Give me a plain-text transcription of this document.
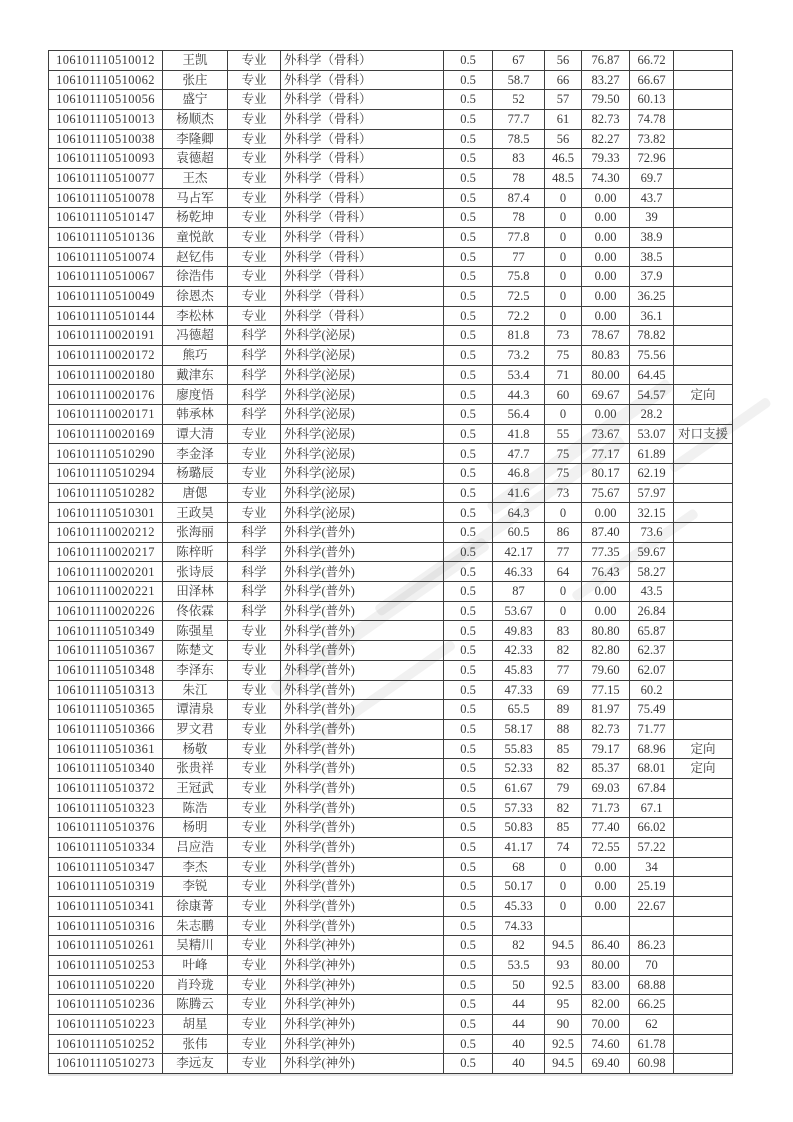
106101110510012	王凯	专业	外科学（骨科）	0.5	67	56	76.87	66.72	
106101110510062	张庄	专业	外科学（骨科）	0.5	58.7	66	83.27	66.67	
106101110510056	盛宁	专业	外科学（骨科）	0.5	52	57	79.50	60.13	
106101110510013	杨顺杰	专业	外科学（骨科）	0.5	77.7	61	82.73	74.78	
106101110510038	李隆卿	专业	外科学（骨科）	0.5	78.5	56	82.27	73.82	
106101110510093	袁德超	专业	外科学（骨科）	0.5	83	46.5	79.33	72.96	
106101110510077	王杰	专业	外科学（骨科）	0.5	78	48.5	74.30	69.7	
106101110510078	马占军	专业	外科学（骨科）	0.5	87.4	0	0.00	43.7	
106101110510147	杨乾坤	专业	外科学（骨科）	0.5	78	0	0.00	39	
106101110510136	童悦歆	专业	外科学（骨科）	0.5	77.8	0	0.00	38.9	
106101110510074	赵钇伟	专业	外科学（骨科）	0.5	77	0	0.00	38.5	
106101110510067	徐浩伟	专业	外科学（骨科）	0.5	75.8	0	0.00	37.9	
106101110510049	徐恩杰	专业	外科学（骨科）	0.5	72.5	0	0.00	36.25	
106101110510144	李松林	专业	外科学（骨科）	0.5	72.2	0	0.00	36.1	
106101110020191	冯德超	科学	外科学(泌尿)	0.5	81.8	73	78.67	78.82	
106101110020172	熊巧	科学	外科学(泌尿)	0.5	73.2	75	80.83	75.56	
106101110020180	戴津东	科学	外科学(泌尿)	0.5	53.4	71	80.00	64.45	
106101110020176	廖度悟	科学	外科学(泌尿)	0.5	44.3	60	69.67	54.57	定向
106101110020171	韩承林	科学	外科学(泌尿)	0.5	56.4	0	0.00	28.2	
106101110020169	谭大清	专业	外科学(泌尿)	0.5	41.8	55	73.67	53.07	对口支援
106101110510290	李金泽	专业	外科学(泌尿)	0.5	47.7	75	77.17	61.89	
106101110510294	杨璐辰	专业	外科学(泌尿)	0.5	46.8	75	80.17	62.19	
106101110510282	唐偲	专业	外科学(泌尿)	0.5	41.6	73	75.67	57.97	
106101110510301	王政昊	专业	外科学(泌尿)	0.5	64.3	0	0.00	32.15	
106101110020212	张海丽	科学	外科学(普外)	0.5	60.5	86	87.40	73.6	
106101110020217	陈梓昕	科学	外科学(普外)	0.5	42.17	77	77.35	59.67	
106101110020201	张诗辰	科学	外科学(普外)	0.5	46.33	64	76.43	58.27	
106101110020221	田泽林	科学	外科学(普外)	0.5	87	0	0.00	43.5	
106101110020226	佟依霖	科学	外科学(普外)	0.5	53.67	0	0.00	26.84	
106101110510349	陈强星	专业	外科学(普外)	0.5	49.83	83	80.80	65.87	
106101110510367	陈楚文	专业	外科学(普外)	0.5	42.33	82	82.80	62.37	
106101110510348	李泽东	专业	外科学(普外)	0.5	45.83	77	79.60	62.07	
106101110510313	朱江	专业	外科学(普外)	0.5	47.33	69	77.15	60.2	
106101110510365	谭清泉	专业	外科学(普外)	0.5	65.5	89	81.97	75.49	
106101110510366	罗文君	专业	外科学(普外)	0.5	58.17	88	82.73	71.77	
106101110510361	杨敬	专业	外科学(普外)	0.5	55.83	85	79.17	68.96	定向
106101110510340	张贵祥	专业	外科学(普外)	0.5	52.33	82	85.37	68.01	定向
106101110510372	王冠武	专业	外科学(普外)	0.5	61.67	79	69.03	67.84	
106101110510323	陈浩	专业	外科学(普外)	0.5	57.33	82	71.73	67.1	
106101110510376	杨明	专业	外科学(普外)	0.5	50.83	85	77.40	66.02	
106101110510334	吕应浩	专业	外科学(普外)	0.5	41.17	74	72.55	57.22	
106101110510347	李杰	专业	外科学(普外)	0.5	68	0	0.00	34	
106101110510319	李锐	专业	外科学(普外)	0.5	50.17	0	0.00	25.19	
106101110510341	徐康菁	专业	外科学(普外)	0.5	45.33	0	0.00	22.67	
106101110510316	朱志鹏	专业	外科学(普外)	0.5	74.33				
106101110510261	吴精川	专业	外科学(神外)	0.5	82	94.5	86.40	86.23	
106101110510253	叶峰	专业	外科学(神外)	0.5	53.5	93	80.00	70	
106101110510220	肖玲珑	专业	外科学(神外)	0.5	50	92.5	83.00	68.88	
106101110510236	陈腾云	专业	外科学(神外)	0.5	44	95	82.00	66.25	
106101110510223	胡星	专业	外科学(神外)	0.5	44	90	70.00	62	
106101110510252	张伟	专业	外科学(神外)	0.5	40	92.5	74.60	61.78	
106101110510273	李远友	专业	外科学(神外)	0.5	40	94.5	69.40	60.98	
